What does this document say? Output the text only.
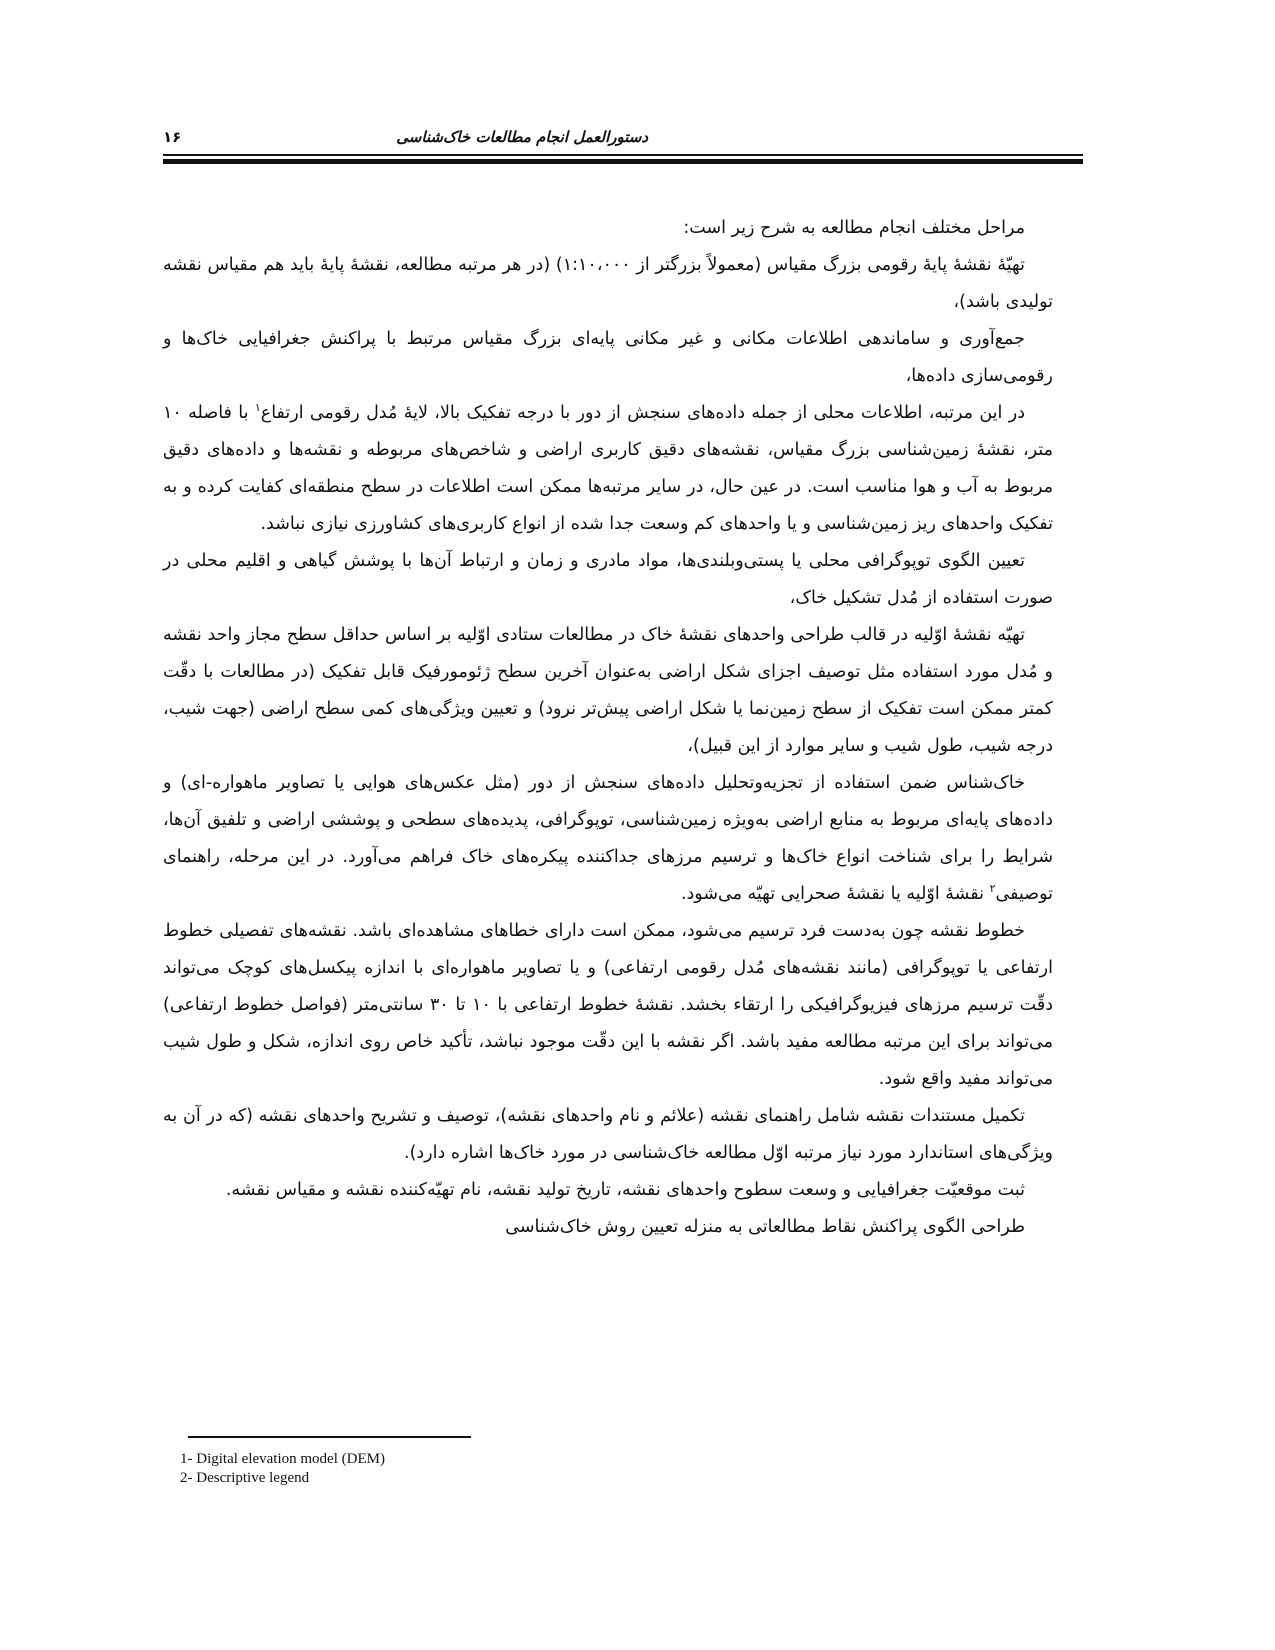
دستورالعمل انجام مطالعات خاک‌شناسی
۱۶

مراحل مختلف انجام مطالعه به شرح زیر است:

تهیّهٔ نقشهٔ پایهٔ رقومی بزرگ مقیاس (معمولاً بزرگتر از ۱:۱۰،۰۰۰) (در هر مرتبه مطالعه، نقشهٔ پایهٔ باید هم مقیاس نقشه تولیدی باشد)،

جمع‌آوری و ساماندهی اطلاعات مکانی و غیر مکانی پایه‌ای بزرگ مقیاس مرتبط با پراکنش جغرافیایی خاک‌ها و رقومی‌سازی داده‌ها،

در این مرتبه، اطلاعات محلی از جمله داده‌های سنجش از دور با درجه تفکیک بالا، لایهٔ مُدل رقومی ارتفاع$^۱$ با فاصله ۱۰ متر، نقشهٔ زمین‌شناسی بزرگ مقیاس، نقشه‌های دقیق کاربری اراضی و شاخص‌های مربوطه و نقشه‌ها و داده‌های دقیق مربوط به آب و هوا مناسب است. در عین حال، در سایر مرتبه‌ها ممکن است اطلاعات در سطح منطقه‌ای کفایت کرده و به تفکیک واحدهای ریز زمین‌شناسی و یا واحدهای کم وسعت جدا شده از انواع کاربری‌های کشاورزی نیازی نباشد.

تعیین الگوی توپوگرافی محلی یا پستی‌وبلندی‌ها، مواد مادری و زمان و ارتباط آن‌ها با پوشش گیاهی و اقلیم محلی در صورت استفاده از مُدل تشکیل خاک،

تهیّه نقشهٔ اوّلیه در قالب طراحی واحدهای نقشهٔ خاک در مطالعات ستادی اوّلیه بر اساس حداقل سطح مجاز واحد نقشه و مُدل مورد استفاده مثل توصیف اجزای شکل اراضی به‌عنوان آخرین سطح ژئومورفیک قابل تفکیک (در مطالعات با دقّت کمتر ممکن است تفکیک از سطح زمین‌نما یا شکل اراضی پیش‌تر نرود) و تعیین ویژگی‌های کمی سطح اراضی (جهت شیب، درجه شیب، طول شیب و سایر موارد از این قبیل)،

خاک‌شناس ضمن استفاده از تجزیه‌وتحلیل داده‌های سنجش از دور (مثل عکس‌های هوایی یا تصاویر ماهواره-ای) و داده‌های پایه‌ای مربوط به منابع اراضی به‌ویژه زمین‌شناسی، توپوگرافی، پدیده‌های سطحی و پوششی اراضی و تلفیق آن‌ها، شرایط را برای شناخت انواع خاک‌ها و ترسیم مرزهای جداکننده پیکره‌های خاک فراهم می‌آورد. در این مرحله، راهنمای توصیفی$^۲$ نقشهٔ اوّلیه یا نقشهٔ صحرایی تهیّه می‌شود.

خطوط نقشه چون به‌دست فرد ترسیم می‌شود، ممکن است دارای خطاهای مشاهده‌ای باشد. نقشه‌های تفصیلی خطوط ارتفاعی یا توپوگرافی (مانند نقشه‌های مُدل رقومی ارتفاعی) و یا تصاویر ماهواره‌ای با اندازه پیکسل‌های کوچک می‌تواند دقّت ترسیم مرزهای فیزیوگرافیکی را ارتقاء بخشد. نقشهٔ خطوط ارتفاعی با ۱۰ تا ۳۰ سانتی‌متر (فواصل خطوط ارتفاعی) می‌تواند برای این مرتبه مطالعه مفید باشد. اگر نقشه با این دقّت موجود نباشد، تأکید خاص روی اندازه، شکل و طول شیب می‌تواند مفید واقع شود.

تکمیل مستندات نقشه شامل راهنمای نقشه (علائم و نام واحدهای نقشه)، توصیف و تشریح واحدهای نقشه (که در آن به ویژگی‌های استاندارد مورد نیاز مرتبه اوّل مطالعه خاک‌شناسی در مورد خاک‌ها اشاره دارد).

ثبت موقعیّت جغرافیایی و وسعت سطوح واحدهای نقشه، تاریخ تولید نقشه، نام تهیّه‌کننده نقشه و مقیاس نقشه.

طراحی الگوی پراکنش نقاط مطالعاتی به منزله تعیین روش خاک‌شناسی

1- Digital elevation model (DEM)
2- Descriptive legend
